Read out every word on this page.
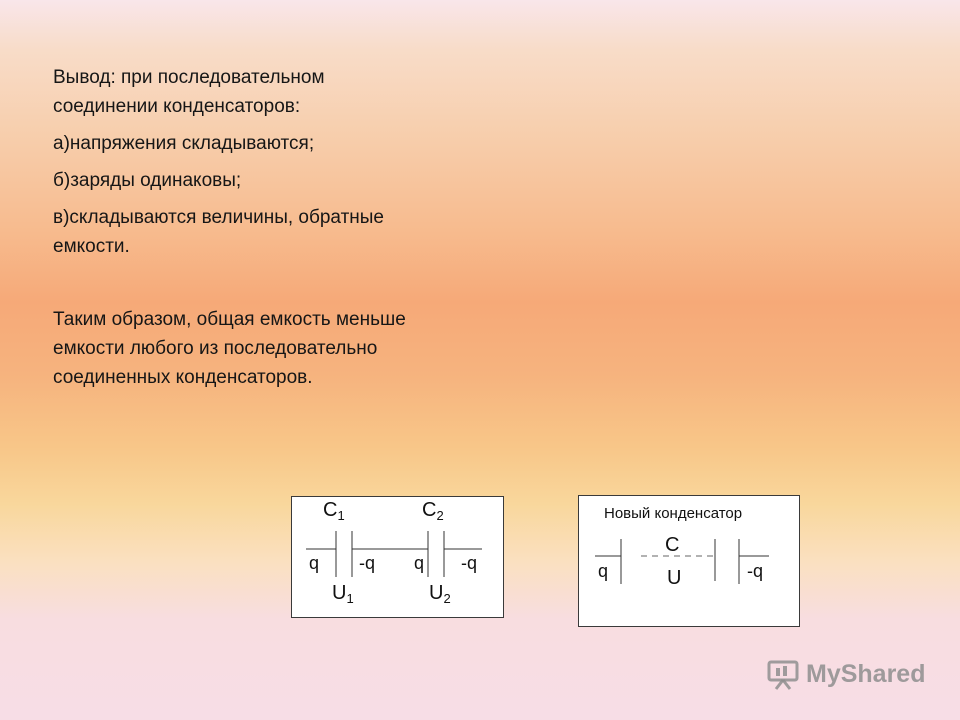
Вывод: при последовательном
соединении конденсаторов:

а)напряжения складываются;

б)заряды одинаковы;

в)складываются величины, обратные
емкости.

Таким образом, общая емкость меньше
емкости любого из последовательно
соединенных конденсаторов.

$C_1$	$C_2$
q -q q -q
$U_1$	$U_2$
Новый конденсатор
C
q	U	-q
MyShared
